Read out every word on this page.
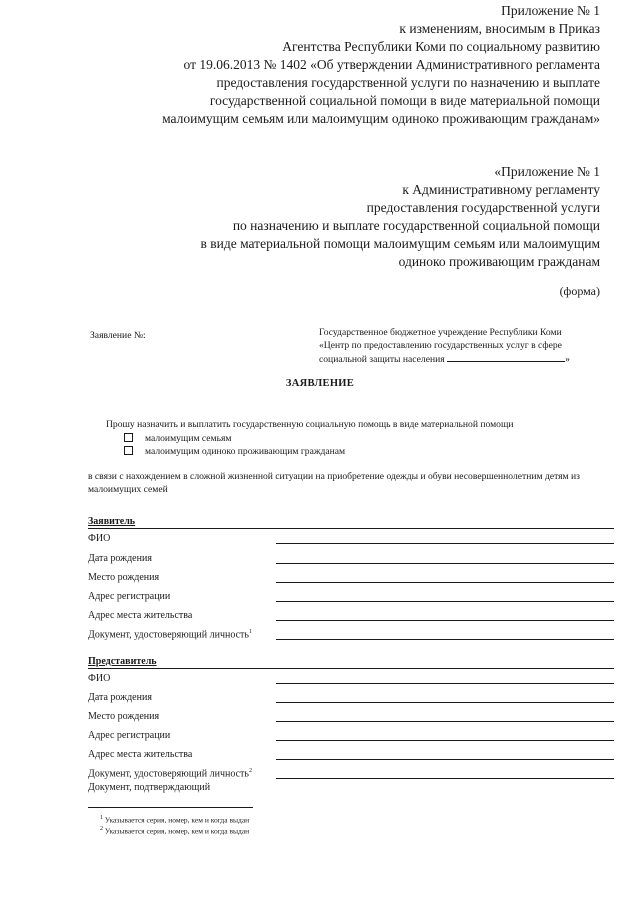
Приложение № 1
к изменениям, вносимым в Приказ
Агентства Республики Коми по социальному развитию
от 19.06.2013 № 1402 «Об утверждении Административного регламента
предоставления государственной услуги по назначению и выплате
государственной социальной помощи в виде материальной помощи
малоимущим семьям или малоимущим одиноко проживающим гражданам»
«Приложение № 1
к Административному регламенту
предоставления государственной услуги
по назначению и выплате государственной социальной помощи
в виде материальной помощи малоимущим семьям или малоимущим
одиноко проживающим гражданам
(форма)
Заявление №:	Государственное бюджетное учреждение Республики Коми
«Центр по предоставлению государственных услуг в сфере
социальной защиты населения	»
ЗАЯВЛЕНИЕ
Прошу назначить и выплатить государственную социальную помощь в виде материальной помощи
малоимущим семьям
малоимущим одиноко проживающим гражданам
в связи с нахождением в сложной жизненной ситуации на приобретение одежды и обуви несовершеннолетним детям из малоимущих семей
Заявитель
ФИО
Дата рождения
Место рождения
Адрес регистрации
Адрес места жительства
Документ, удостоверяющий личность$^1$
Представитель
ФИО
Дата рождения
Место рождения
Адрес регистрации
Адрес места жительства
Документ, удостоверяющий личность$^2$
Документ, подтверждающий
$^1$ Указывается серия, номер, кем и когда выдан
$^2$ Указывается серия, номер, кем и когда выдан
